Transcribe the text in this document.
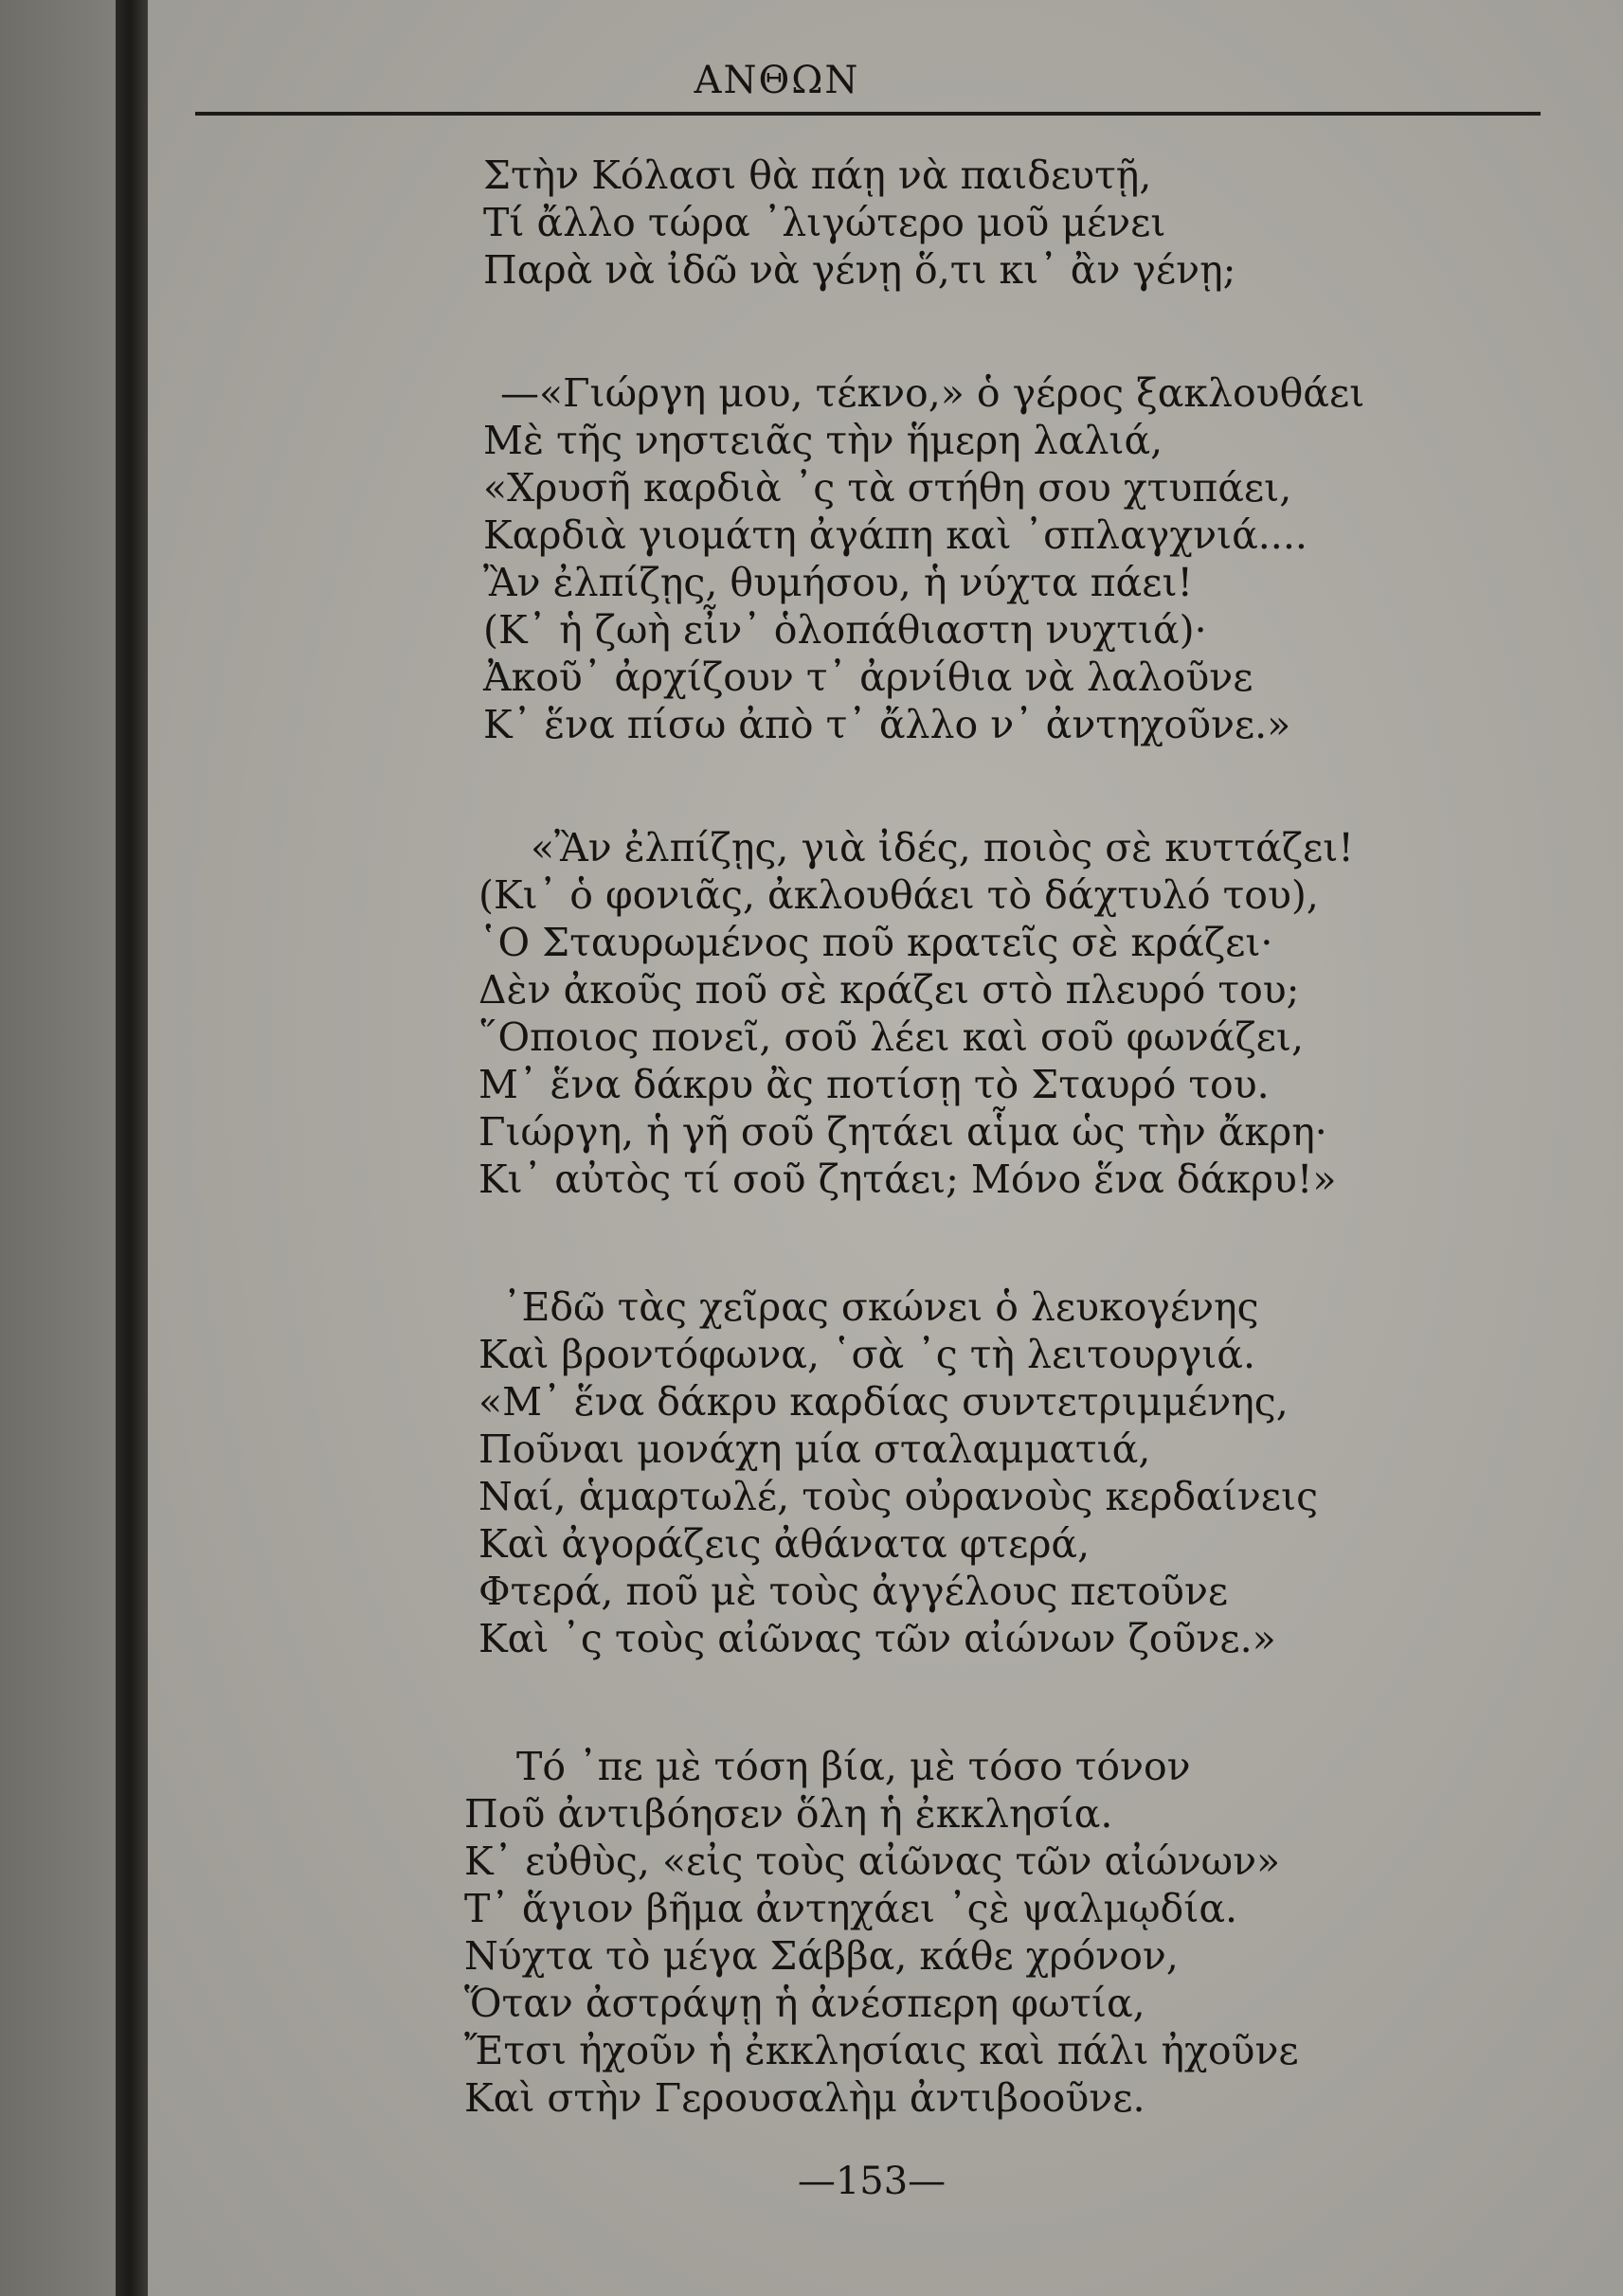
ΑΝΘΩΝ
Στὴν Κόλασι θὰ πάῃ νὰ παιδευτῇ,
Τί ἄλλο τώρα ᾿λιγώτερο μοῦ μένει
Παρὰ νὰ ἰδῶ νὰ γένῃ ὅ,τι κι᾿ ἂν γένῃ;
—«Γιώργη μου, τέκνο,» ὁ γέρος ξακλουθάει
Μὲ τῆς νηστειᾶς τὴν ἥμερη λαλιά,
«Χρυσῆ καρδιὰ ᾿ς τὰ στήθη σου χτυπάει,
Καρδιὰ γιομάτη ἀγάπη καὶ ᾿σπλαγχνιά....
Ἂν ἐλπίζῃς, θυμήσου, ἡ νύχτα πάει!
(Κ᾿ ἡ ζωὴ εἶν᾿ ὁλοπάθιαστη νυχτιά)·
Ἀκοῦ᾿ ἀρχίζουν τ᾿ ἀρνίθια νὰ λαλοῦνε
Κ᾿ ἕνα πίσω ἀπὸ τ᾿ ἄλλο ν᾿ ἀντηχοῦνε.»
«Ἂν ἐλπίζῃς, γιὰ ἰδές, ποιὸς σὲ κυττάζει!
(Κι᾿ ὁ φονιᾶς, ἀκλουθάει τὸ δάχτυλό του),
῾Ο Σταυρωμένος ποῦ κρατεῖς σὲ κράζει·
Δὲν ἀκοῦς ποῦ σὲ κράζει στὸ πλευρό του;
῞Οποιος πονεῖ, σοῦ λέει καὶ σοῦ φωνάζει,
Μ᾿ ἕνα δάκρυ ἂς ποτίσῃ τὸ Σταυρό του.
Γιώργη, ἡ γῆ σοῦ ζητάει αἷμα ὡς τὴν ἄκρη·
Κι᾿ αὐτὸς τί σοῦ ζητάει; Μόνο ἕνα δάκρυ!»
᾿Εδῶ τὰς χεῖρας σκώνει ὁ λευκογένης
Καὶ βροντόφωνα, ῾σὰ ᾿ς τὴ λειτουργιά.
«Μ᾿ ἕνα δάκρυ καρδίας συντετριμμένης,
Ποῦναι μονάχη μία σταλαμματιά,
Ναί, ἁμαρτωλέ, τοὺς οὐρανοὺς κερδαίνεις
Καὶ ἀγοράζεις ἀθάνατα φτερά,
Φτερά, ποῦ μὲ τοὺς ἀγγέλους πετοῦνε
Καὶ ᾿ς τοὺς αἰῶνας τῶν αἰώνων ζοῦνε.»
Τό ᾿πε μὲ τόση βία, μὲ τόσο τόνον
Ποῦ ἀντιβόησεν ὅλη ἡ ἐκκλησία.
Κ᾿ εὐθὺς, «εἰς τοὺς αἰῶνας τῶν αἰώνων»
Τ᾿ ἅγιον βῆμα ἀντηχάει ᾿ςὲ ψαλμῳδία.
Νύχτα τὸ μέγα Σάββα, κάθε χρόνον,
Ὅταν ἀστράψῃ ἡ ἀνέσπερη φωτία,
Ἔτσι ἠχοῦν ἡ ἐκκλησίαις καὶ πάλι ἠχοῦνε
Καὶ στὴν Γερουσαλὴμ ἀντιβοοῦνε.
—153—
